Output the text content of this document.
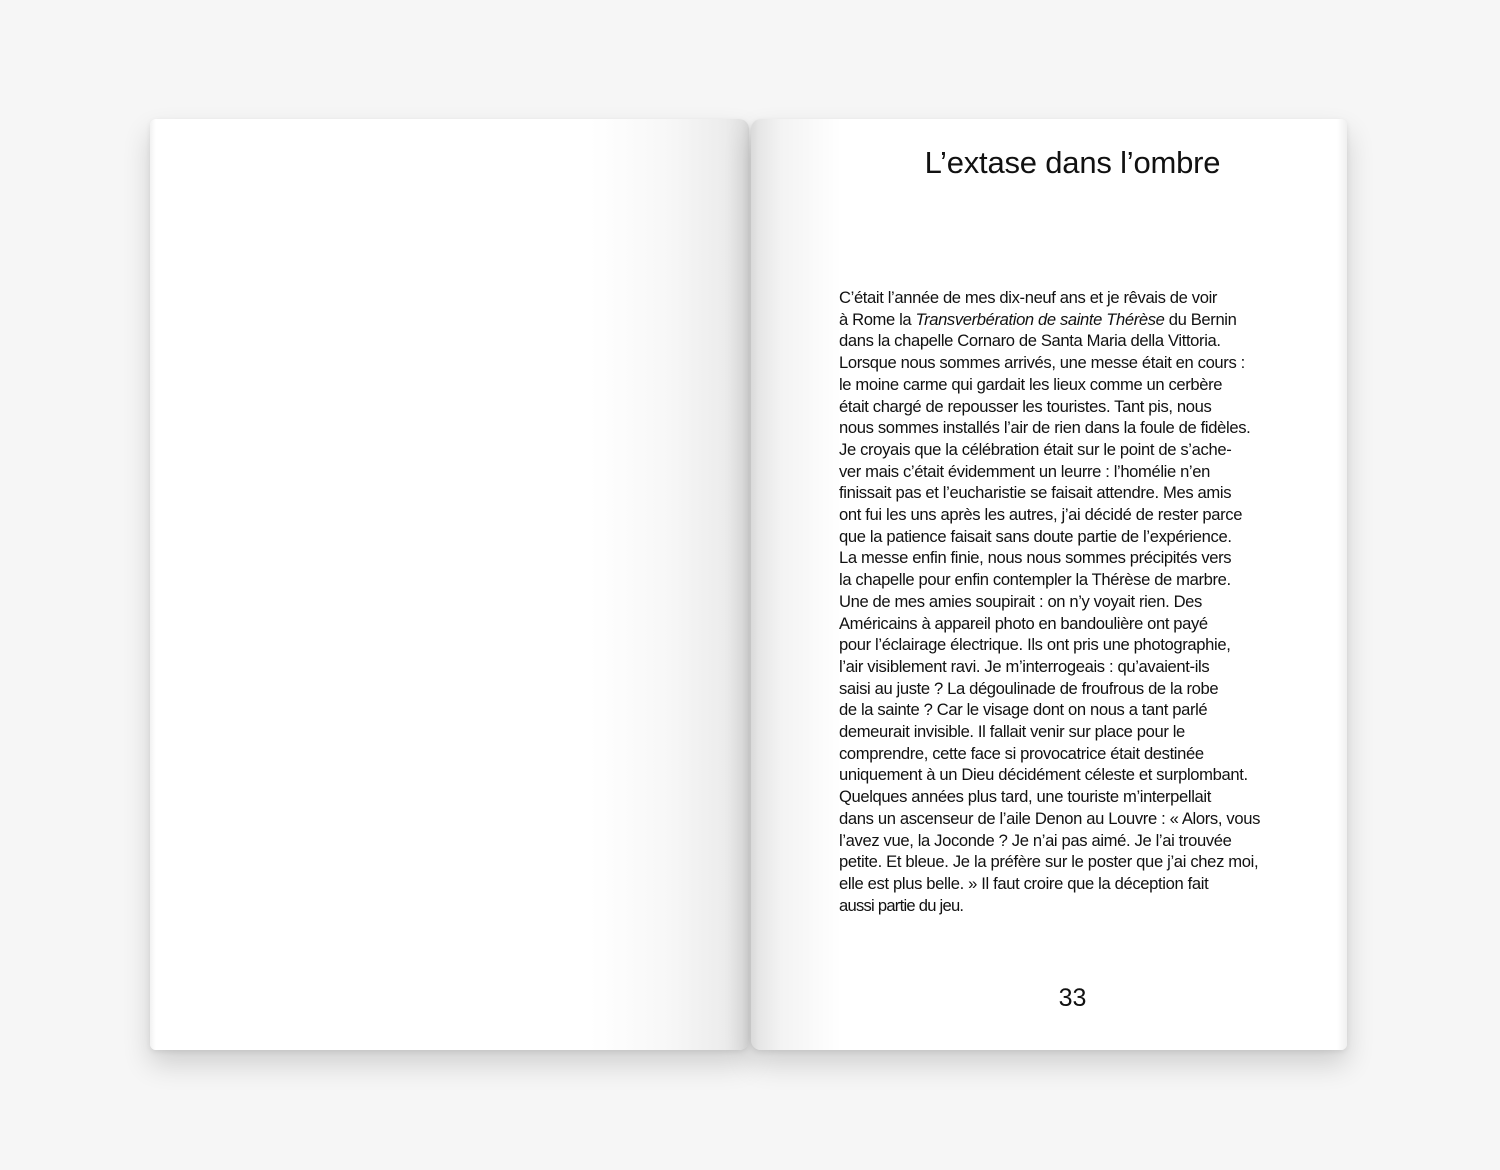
L’extase dans l’ombre

C’était l’année de mes dix-neuf ans et je rêvais de voir
à Rome la Transverbération de sainte Thérèse du Bernin
dans la chapelle Cornaro de Santa Maria della Vittoria.
Lorsque nous sommes arrivés, une messe était en cours :
le moine carme qui gardait les lieux comme un cerbère
était chargé de repousser les touristes. Tant pis, nous
nous sommes installés l’air de rien dans la foule de fidèles.
Je croyais que la célébration était sur le point de s’ache-
ver mais c’était évidemment un leurre : l’homélie n’en
finissait pas et l’eucharistie se faisait attendre. Mes amis
ont fui les uns après les autres, j’ai décidé de rester parce
que la patience faisait sans doute partie de l’expérience.
La messe enfin finie, nous nous sommes précipités vers
la chapelle pour enfin contempler la Thérèse de marbre.
Une de mes amies soupirait : on n’y voyait rien. Des
Américains à appareil photo en bandoulière ont payé
pour l’éclairage électrique. Ils ont pris une photographie,
l’air visiblement ravi. Je m’interrogeais : qu’avaient-ils
saisi au juste ? La dégoulinade de froufrous de la robe
de la sainte ? Car le visage dont on nous a tant parlé
demeurait invisible. Il fallait venir sur place pour le
comprendre, cette face si provocatrice était destinée
uniquement à un Dieu décidément céleste et surplombant.
Quelques années plus tard, une touriste m’interpellait
dans un ascenseur de l’aile Denon au Louvre : « Alors, vous
l’avez vue, la Joconde ? Je n’ai pas aimé. Je l’ai trouvée
petite. Et bleue. Je la préfère sur le poster que j’ai chez moi,
elle est plus belle. » Il faut croire que la déception fait
aussi partie du jeu.

33
